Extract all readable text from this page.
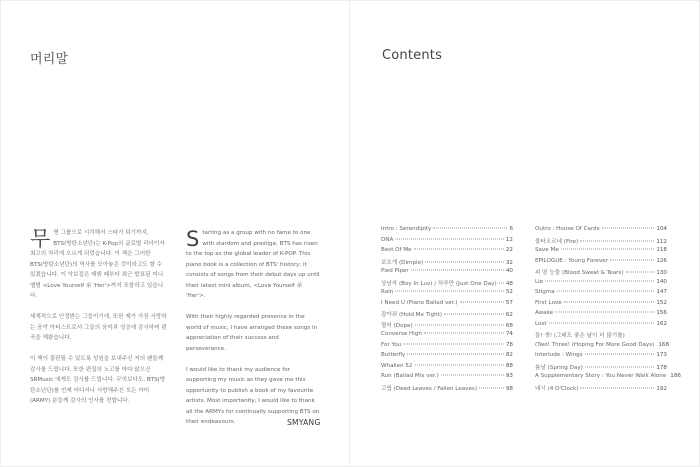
머리말

무명 그룹으로 시작해서 스타가 되기까지, BTS(방탄소년단)는 K-Pop의 글로벌 리더이자 최고의 자리에 오르게 되었습니다. 이 책은 그러한 BTS(방탄소년단)의 역사를 모아놓은 것이라고도 할 수 있겠습니다. 이 악보집은 데뷔 때부터 최근 발표된 미니 앨범 <Love Yourself 承 'Her'>까지 포함하고 있습니다.

세계적으로 인정받는 그들이기에, 또한 제가 가장 사랑하는 음악 아티스트로서 그들의 음악과 성공에 감사하며 편곡을 해왔습니다.

이 책이 출판될 수 있도록 성원을 보내주신 저의 팬들께 감사를 드립니다. 또한 편집의 노고를 마다 않으신 SRMusic 에게도 감사를 드립니다. 무엇보다도, BTS(방탄소년단)를 언제 어디서나 사랑해주신 모든 아미(ARMY) 분들께 감사의 인사를 전합니다.

Starting as a group with no fame to one with stardom and prestige, BTS has risen to the top as the global leader of K-POP. This piano book is a collection of BTS' history; it consists of songs from their debut days up until their latest mini album, <Love Yourself 承 'Her'>.

With their highly regarded presence in the world of music, I have arranged these songs in appreciation of their success and perseverance.

I would like to thank my audience for supporting my music as they gave me this opportunity to publish a book of my favourite artists. Most importantly, I would like to thank all the ARMYs for continually supporting BTS on their endeavours.	SMYANG
Contents
Intro : Serendipity	6
DNA	12
Best Of Me	22
보조개 (Dimple)	32
Pied Piper	40
상남자 (Boy In Luv) / 하루만 (Just One Day) 48
Rain	52
I Need U (Piano Ballad ver.)	57
잡아줘 (Hold Me Tight)	62
쩔어 (Dope)	68
Converse High	74
For You	78
Butterfly	82
Whalien 52	88
Run (Ballad Mix ver.)	93
고엽 (Dead Leaves / Fallen Leaves)	98
Outro : House Of Cards	104
불타오르네 (Fire)	112
Save Me	118
EPILOGUE : Young Forever	126
피 땀 눈물 (Blood Sweat & Tears)	130
Lie	140
Stigma	147
First Love	152
Awake	156
Lost	162
둘! 셋! (그래도 좋은 날이 더 많기를)
(Two! Three! (Hoping For More Good Days) 168
Interlude : Wings	173
봄날 (Spring Day)	178
A Supplementary Story : You Never Walk Alone 186
네시 (4 O'Clock)	192
